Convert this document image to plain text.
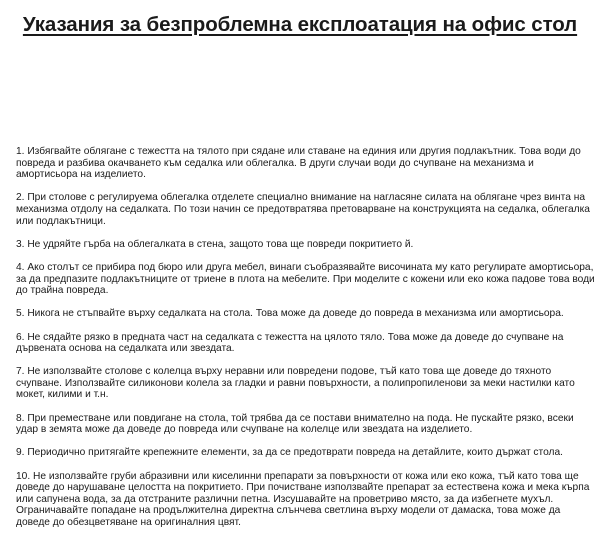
Указания за безпроблемна експлоатация на офис стол

1. Избягвайте облягане с тежестта на тялото при сядане или ставане на единия или другия подлакътник. Това води до повреда и разбива окачването към седалка или облегалка. В други случаи води до счупване на механизма и амортисьора на изделието.

2. При столове с регулируема облегалка отделете специално внимание на нагласяне силата на облягане чрез винта на механизма отдолу на седалката. По този начин се предотвратява претоварване на конструкцията на седалка, облегалка или подлакътници.

3. Не удряйте гърба на облегалката в стена, защото това ще повреди покритието й.

4. Ако столът се прибира под бюро или друга мебел, винаги съобразявайте височината му като регулирате амортисьора, за да предпазите подлакътниците от триене в плота на мебелите. При моделите с кожени или еко кожа падове това води до трайна повреда.

5. Никога не стъпвайте върху седалката на стола. Това може да доведе до повреда в механизма или амортисьора.

6. Не сядайте рязко в предната част на седалката с тежестта на цялото тяло. Това може да доведе до счупване на дървената основа на седалката или звездата.

7. Не използвайте столове с колелца върху неравни или повредени подове, тъй като това ще доведе до тяхното счупване. Използвайте силиконови колела за гладки и равни повърхности, а полипропиленови за меки настилки като мокет, килими и т.н.

8. При преместване или повдигане на стола, той трябва да се постави внимателно на пода. Не пускайте рязко, всеки удар в земята може да доведе до повреда или счупване на колелце или звездата на изделието.

9. Периодично притягайте крепежните елементи, за да се предотврати повреда на детайлите, които държат стола.

10. Не използвайте груби абразивни или киселинни препарати за повърхности от кожа или еко кожа, тъй като това ще доведе до нарушаване целостта на покритието. При почистване използвайте препарат за естествена кожа и мека кърпа или сапунена вода, за да отстраните различни петна. Изсушавайте на проветриво място, за да избегнете мухъл. Ограничавайте попадане на продължителна директна слънчева светлина върху модели от дамаска, това може да доведе до обезцветяване на оригиналния цвят.
